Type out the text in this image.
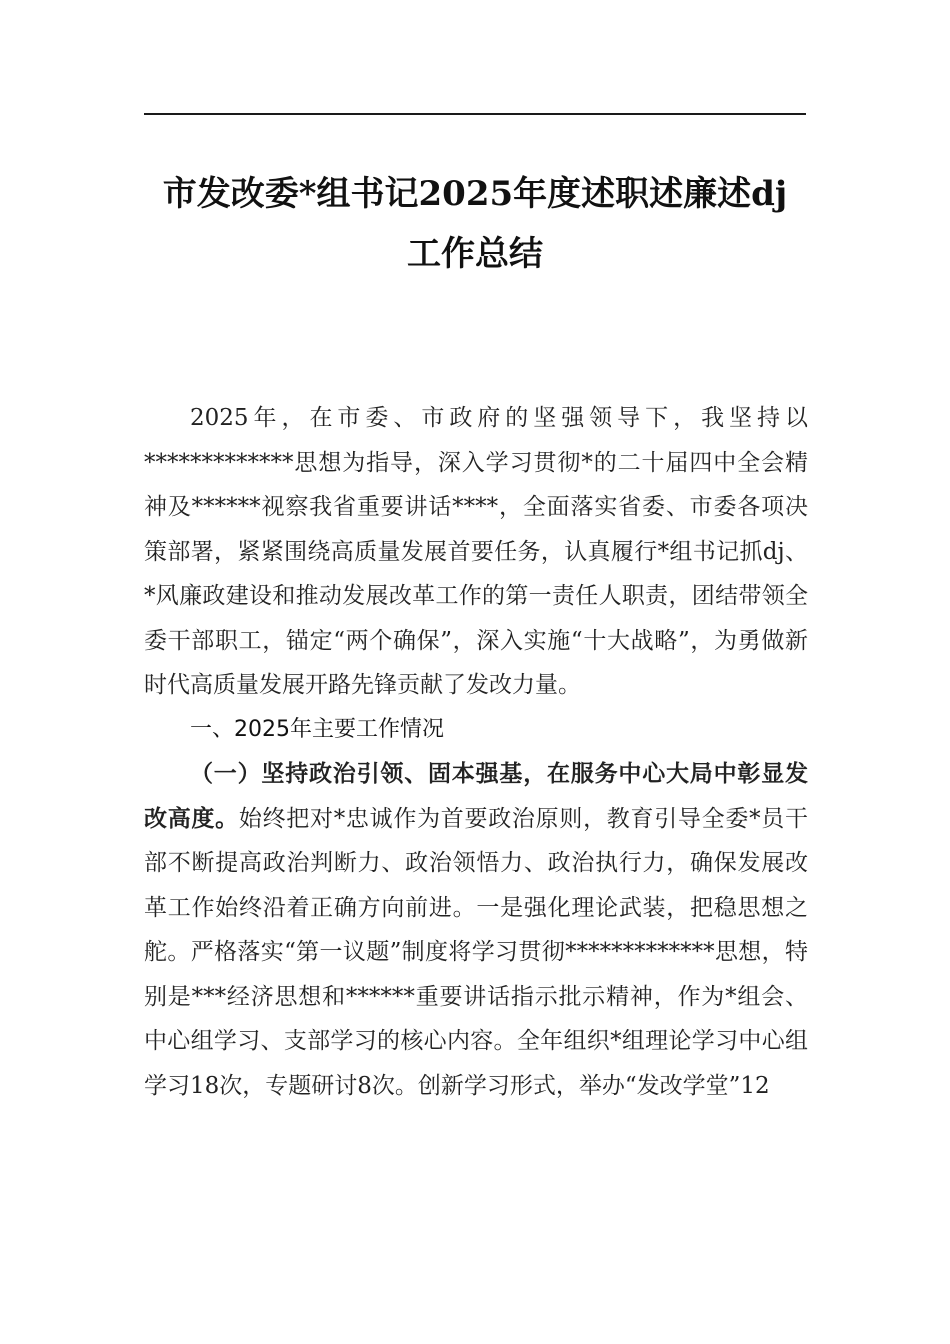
市发改委*组书记2025年度述职述廉述dj
工作总结

2025年，在市委、市政府的坚强领导下，我坚持以*************思想为指导，深入学习贯彻*的二十届四中全会精神及******视察我省重要讲话****，全面落实省委、市委各项决策部署，紧紧围绕高质量发展首要任务，认真履行*组书记抓dj、*风廉政建设和推动发展改革工作的第一责任人职责，团结带领全委干部职工，锚定“两个确保”，深入实施“十大战略”，为勇做新时代高质量发展开路先锋贡献了发改力量。

一、2025年主要工作情况

（一）坚持政治引领、固本强基，在服务中心大局中彰显发改高度。始终把对*忠诚作为首要政治原则，教育引导全委*员干部不断提高政治判断力、政治领悟力、政治执行力，确保发展改革工作始终沿着正确方向前进。一是强化理论武装，把稳思想之舵。严格落实“第一议题”制度将学习贯彻*************思想，特别是***经济思想和******重要讲话指示批示精神，作为*组会、中心组学习、支部学习的核心内容。全年组织*组理论学习中心组学习18次，专题研讨8次。创新学习形式，举办“发改学堂”12
